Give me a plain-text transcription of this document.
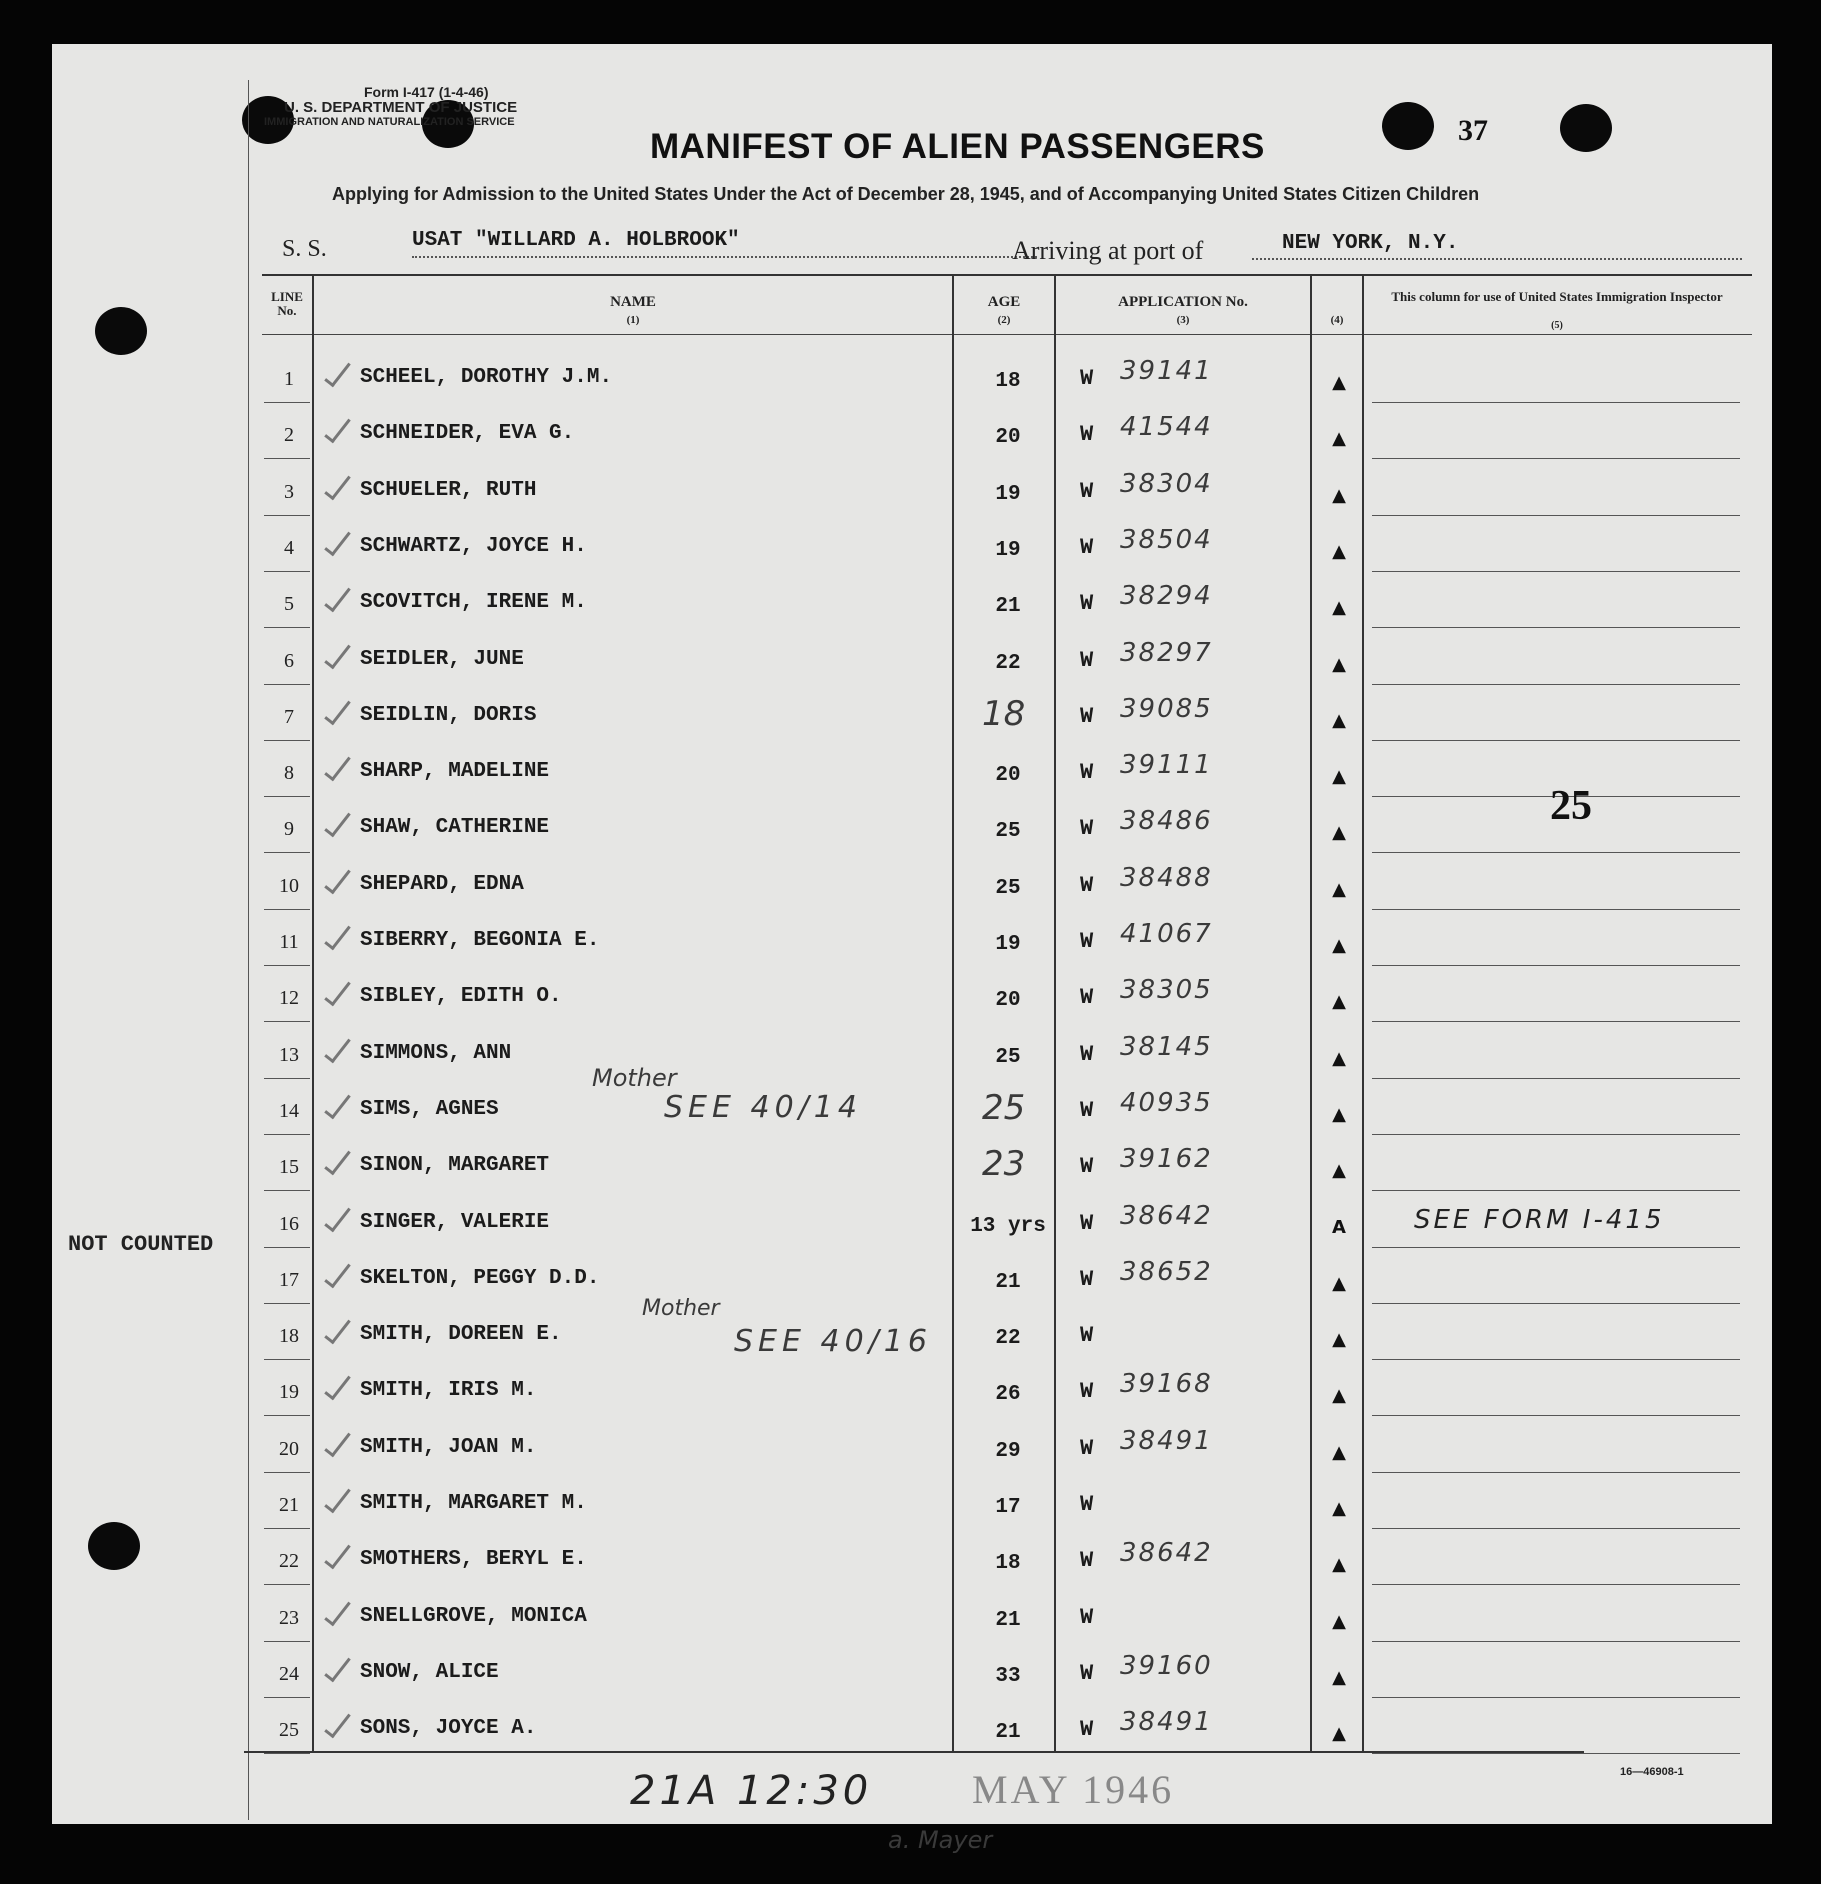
Form I-417 (1-4-46)
U. S. DEPARTMENT OF JUSTICE
IMMIGRATION AND NATURALIZATION SERVICE	37
MANIFEST OF ALIEN PASSENGERS
Applying for Admission to the United States Under the Act of December 28, 1945, and of Accompanying United States Citizen Children
S. S.	USAT "WILLARD A. HOLBROOK"	Arriving at port of	NEW YORK, N.Y.
LINE No.
NAME
(1)
AGE
(2)
APPLICATION No.
(3)	(4)
This column for use of United States Immigration Inspector
(5)
1	SCHEEL, DOROTHY J.M.	18	W 39141	▲
2	SCHNEIDER, EVA G.	20	W 41544	▲
3	SCHUELER, RUTH	19	W 38304	▲
4	SCHWARTZ, JOYCE H.	19	W 38504	▲
5	SCOVITCH, IRENE M.	21	W 38294	▲
6	SEIDLER, JUNE	22	W 38297	▲
7	SEIDLIN, DORIS	18 W 39085	▲
8	SHARP, MADELINE	20	W 39111	▲
9	SHAW, CATHERINE	25	W 38486	▲
10	SHEPARD, EDNA	25	W 38488	▲
11	SIBERRY, BEGONIA E.	19	W 41067	▲
12	SIBLEY, EDITH O.	20	W 38305	▲
13	SIMMONS, ANN	25	W 38145	▲
14	SIMS, AGNES	25 W 40935	▲
15	SINON, MARGARET	23 W 39162	▲
16	SINGER, VALERIE	13 yrs W 38642	A	SEE FORM I-415
17	SKELTON, PEGGY D.D.	21	W 38652	▲
18	SMITH, DOREEN E.	22	W	▲
19	SMITH, IRIS M.	26	W 39168	▲
20	SMITH, JOAN M.	29	W 38491	▲
21	SMITH, MARGARET M.	17	W	▲
22	SMOTHERS, BERYL E.	18	W 38642	▲
23	SNELLGROVE, MONICA	21	W	▲
24	SNOW, ALICE	33	W 39160	▲
25	SONS, JOYCE A.	21	W 38491	▲
Mother
SEE 40/14
Mother
SEE 40/16
NOT COUNTED
25
21A 12:30 MAY 1946
a. Mayer
16—46908-1
